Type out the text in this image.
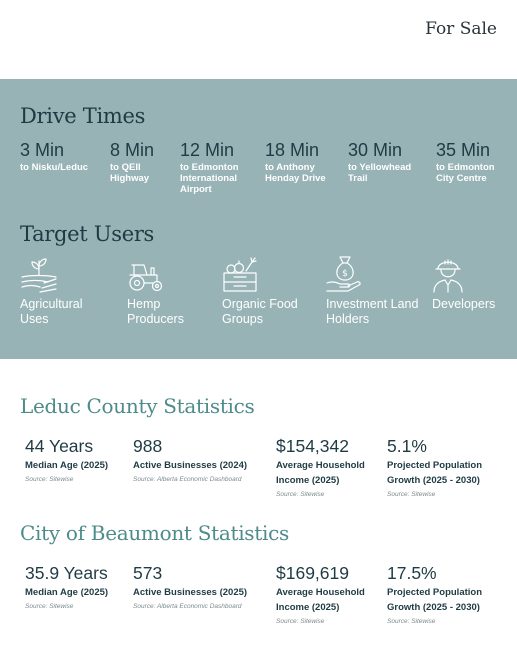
For Sale
Drive Times
3 Min
to Nisku/Leduc
8 Min
to QEII Highway
12 Min
to Edmonton International Airport
18 Min
to Anthony Henday Drive
30 Min
to Yellowhead Trail
35 Min
to Edmonton City Centre
Target Users
Agricultural Uses
Hemp Producers
Organic Food Groups
$
Investment Land Holders
Developers
Leduc County Statistics
44 Years
Median Age (2025)
Source: Sitewise
988
Active Businesses (2024)
Source: Alberta Economic Dashboard
$154,342
Average Household Income (2025)
Source: Sitewise
5.1%
Projected Population Growth (2025 - 2030)
Source: Sitewise
City of Beaumont Statistics
35.9 Years
Median Age (2025)
Source: Sitewise
573
Active Businesses (2025)
Source: Alberta Economic Dashboard
$169,619
Average Household Income (2025)
Source: Sitewise
17.5%
Projected Population Growth (2025 - 2030)
Source: Sitewise
